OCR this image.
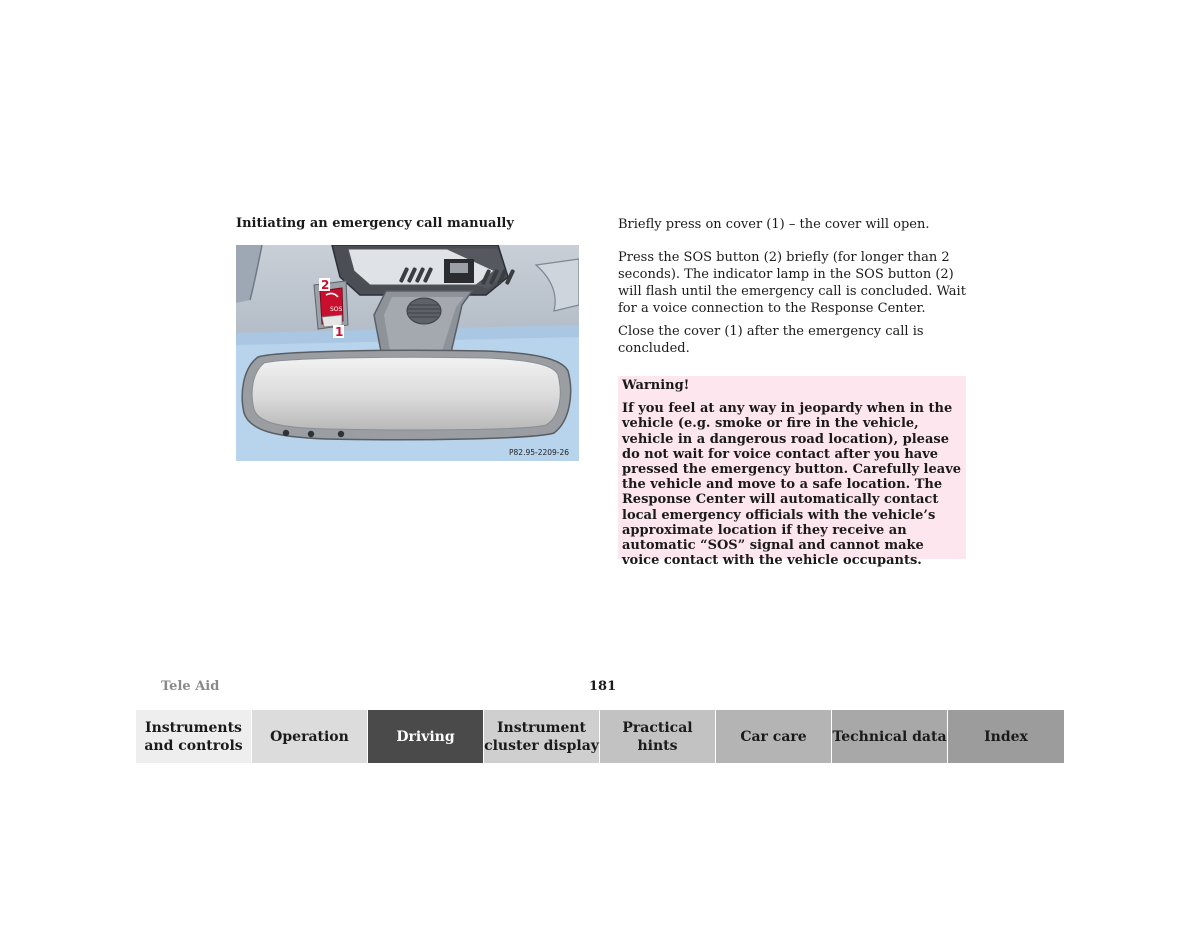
Initiating an emergency call manually
SOS
2
1
P82.95-2209-26

Briefly press on cover (1) – the cover will open.

Press the SOS button (2) briefly (for longer than 2 seconds). The indicator lamp in the SOS button (2) will flash until the emergency call is concluded. Wait for a voice connection to the Response Center.

Close the cover (1) after the emergency call is concluded.

Warning!

If you feel at any way in jeopardy when in the vehicle (e.g. smoke or fire in the vehicle, vehicle in a dangerous road location), please do not wait for voice contact after you have pressed the emergency button. Carefully leave the vehicle and move to a safe location. The Response Center will automatically contact local emergency officials with the vehicle’s approximate location if they receive an automatic “SOS” signal and cannot make voice contact with the vehicle occupants.

Tele Aid	181
Instruments and controls
Operation	Driving
Instrument cluster display
Practical hints
Car care	Technical data	Index
